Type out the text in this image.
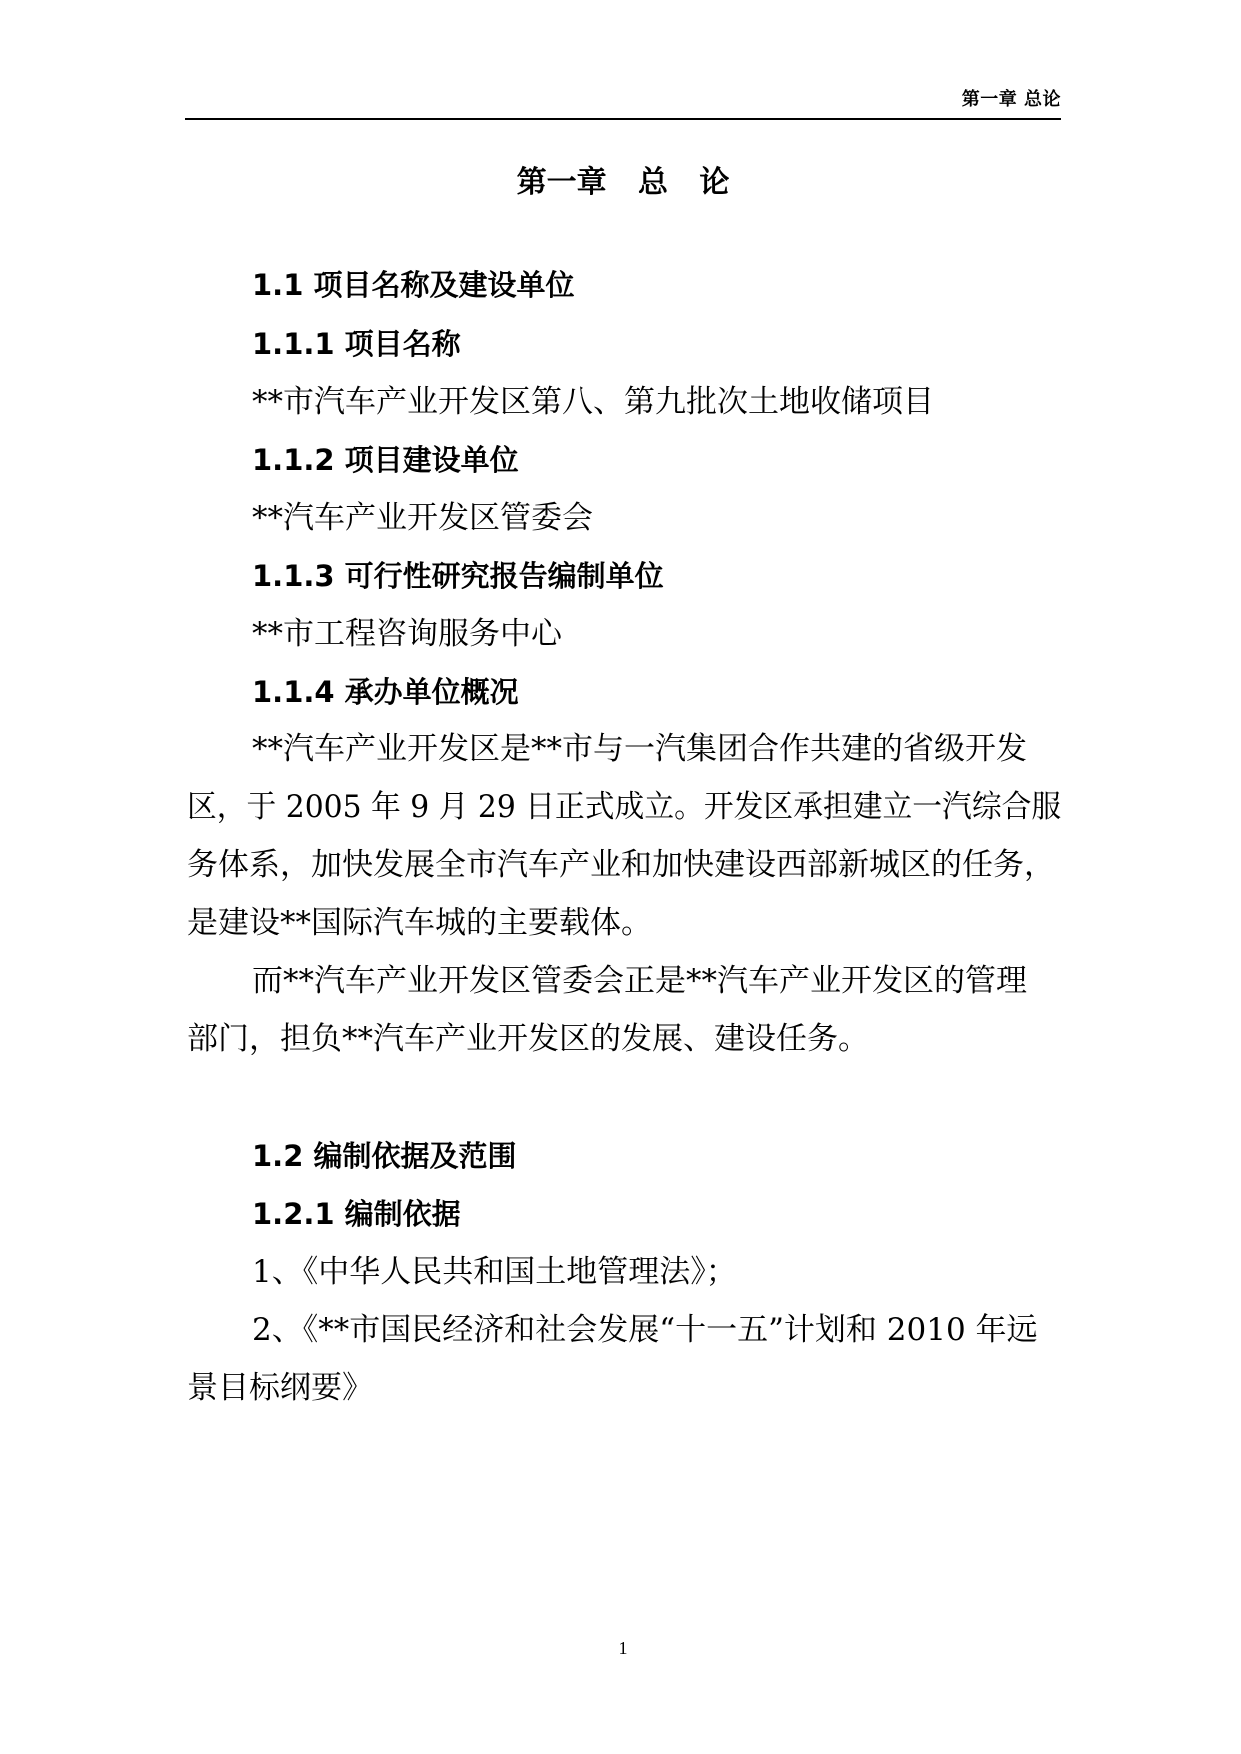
第一章 总论
第一章   总   论
1.1 项目名称及建设单位
1.1.1 项目名称
**市汽车产业开发区第八、第九批次土地收储项目
1.1.2 项目建设单位
**汽车产业开发区管委会
1.1.3 可行性研究报告编制单位
**市工程咨询服务中心
1.1.4 承办单位概况
**汽车产业开发区是**市与一汽集团合作共建的省级开发
区，于 2005 年 9 月 29 日正式成立。开发区承担建立一汽综合服
务体系，加快发展全市汽车产业和加快建设西部新城区的任务，
是建设**国际汽车城的主要载体。
而**汽车产业开发区管委会正是**汽车产业开发区的管理
部门，担负**汽车产业开发区的发展、建设任务。
1.2 编制依据及范围
1.2.1 编制依据
1、《中华人民共和国土地管理法》；
2、《**市国民经济和社会发展“十一五”计划和 2010 年远
景目标纲要》
1
